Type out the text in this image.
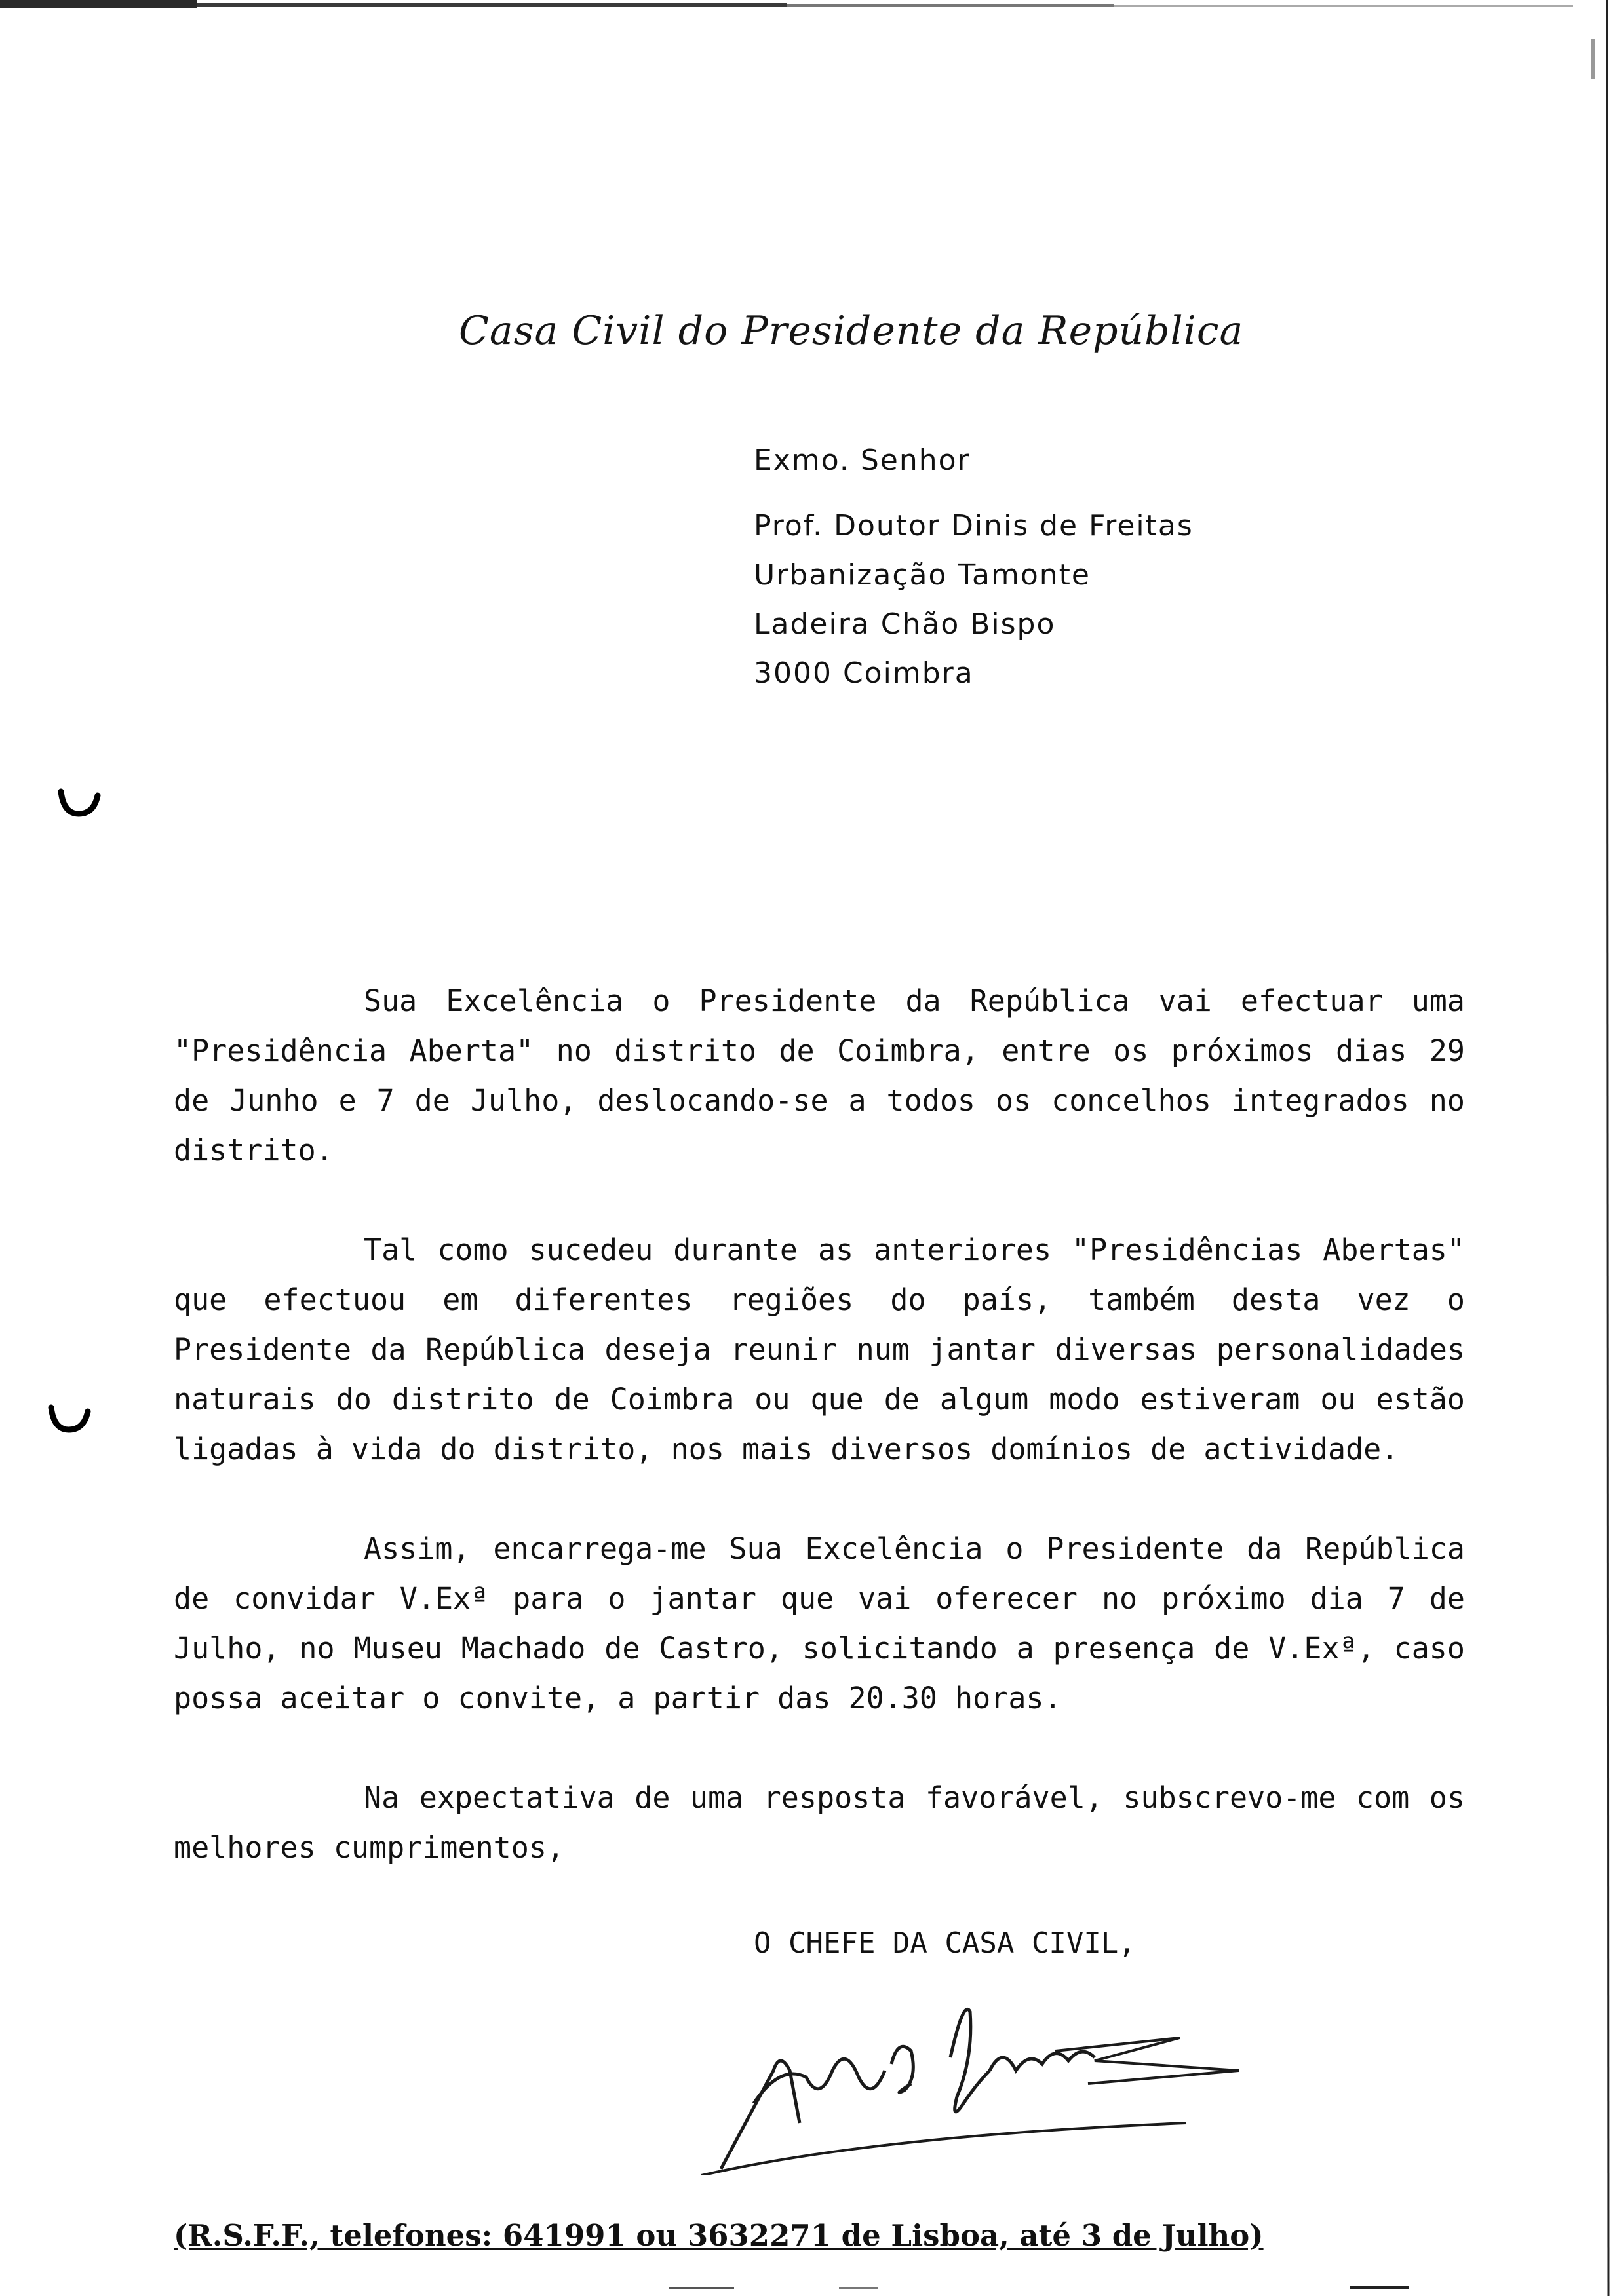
Casa Civil do Presidente da República
Exmo. Senhor
Prof. Doutor Dinis de Freitas
Urbanização Tamonte
Ladeira Chão Bispo
3000 Coimbra

Sua Excelência o Presidente da República vai efectuar uma "Presidência Aberta" no distrito de Coimbra, entre os próximos dias 29 de Junho e 7 de Julho, deslocando-se a todos os concelhos integrados no distrito.

Tal como sucedeu durante as anteriores "Presidências Abertas" que efectuou em diferentes regiões do país, também desta vez o Presidente da República deseja reunir num jantar diversas personalidades naturais do distrito de Coimbra ou que de algum modo estiveram ou estão ligadas à vida do distrito, nos mais diversos domínios de actividade.

Assim, encarrega-me Sua Excelência o Presidente da República de convidar V.Exª para o jantar que vai oferecer no próximo dia 7 de Julho, no Museu Machado de Castro, solicitando a presença de V.Exª, caso possa aceitar o convite, a partir das 20.30 horas.

Na expectativa de uma resposta favorável, subscrevo-me com os melhores cumprimentos,

O CHEFE DA CASA CIVIL,
(R.S.F.F., telefones: 641991 ou 3632271 de Lisboa, até 3 de Julho)
